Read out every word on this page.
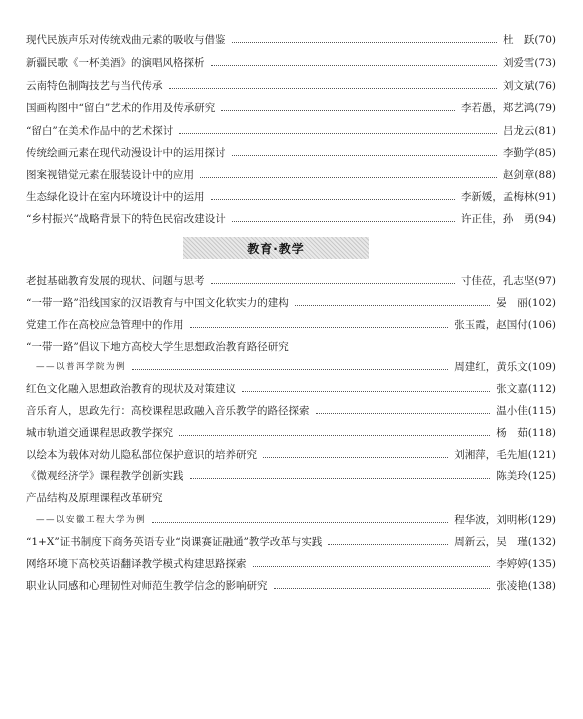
现代民族声乐对传统戏曲元素的吸收与借鉴	杜　跃(70)
新疆民歌《一杯美酒》的演唱风格探析	刘爱雪(73)
云南特色制陶技艺与当代传承	刘文斌(76)
国画构图中“留白”艺术的作用及传承研究	李若愚，郑艺鸿(79)
“留白”在美术作品中的艺术探讨	吕龙云(81)
传统绘画元素在现代动漫设计中的运用探讨	李勤学(85)
图案视错觉元素在服装设计中的应用	赵剑章(88)
生态绿化设计在室内环境设计中的运用	李新媛，孟梅林(91)
“乡村振兴”战略背景下的特色民宿改建设计	许正佳，孙　勇(94)
教育·教学
老挝基础教育发展的现状、问题与思考	寸佳莅，孔志坚(97)
“一带一路”沿线国家的汉语教育与中国文化软实力的建构	晏　丽(102)
党建工作在高校应急管理中的作用	张玉霞，赵国付(106)
“一带一路”倡议下地方高校大学生思想政治教育路径研究
——以普洱学院为例	周建红，黄乐文(109)
红色文化融入思想政治教育的现状及对策建议	张文嘉(112)
音乐育人，思政先行：高校课程思政融入音乐教学的路径探索	温小佳(115)
城市轨道交通课程思政教学探究	杨　茹(118)
以绘本为载体对幼儿隐私部位保护意识的培养研究	刘湘萍，毛先旭(121)
《微观经济学》课程教学创新实践	陈美玲(125)
产品结构及原理课程改革研究
——以安徽工程大学为例	程华波，刘明彬(129)
“1+X”证书制度下商务英语专业“岗课赛证融通”教学改革与实践	周新云，吴　瑾(132)
网络环境下高校英语翻译教学模式构建思路探索	李婷婷(135)
职业认同感和心理韧性对师范生教学信念的影响研究	张凌艳(138)
